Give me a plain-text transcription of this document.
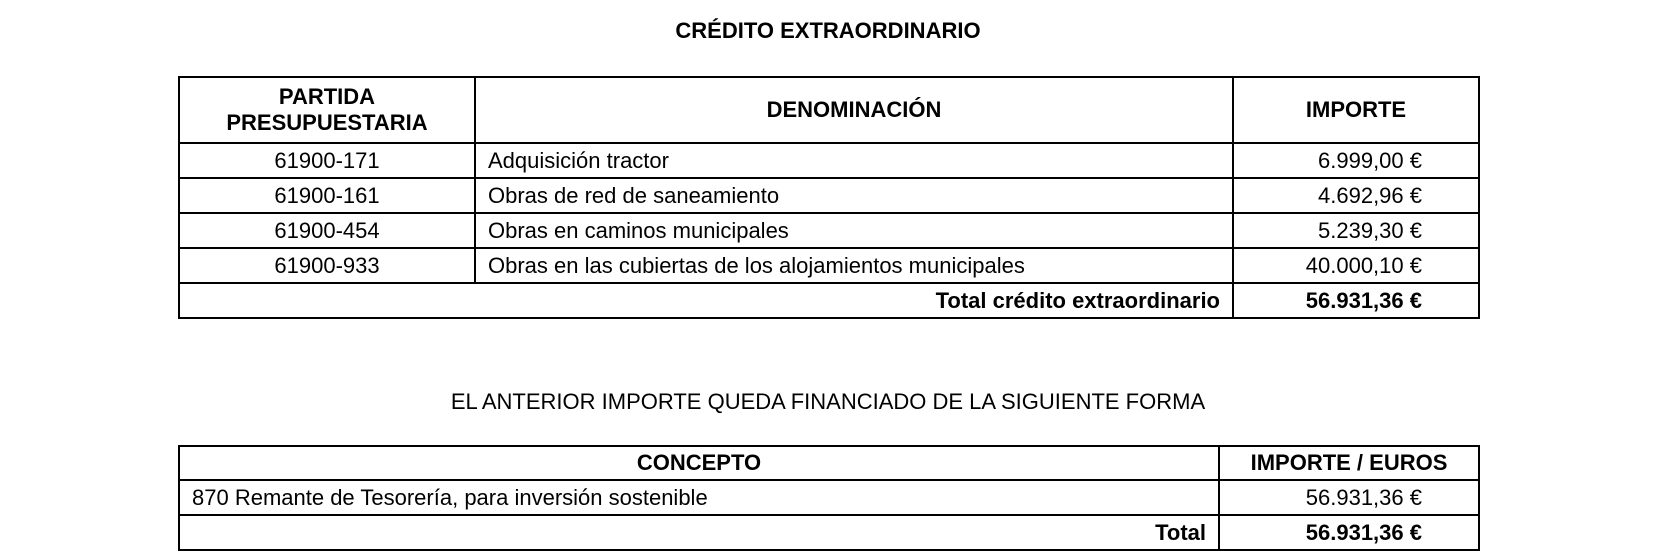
CRÉDITO EXTRAORDINARIO
PARTIDA PRESUPUESTARIA	DENOMINACIÓN	IMPORTE
61900-171	Adquisición tractor	6.999,00 €
61900-161	Obras de red de saneamiento	4.692,96 €
61900-454	Obras en caminos municipales	5.239,30 €
61900-933	Obras en las cubiertas de los alojamientos municipales	40.000,10 €
Total crédito extraordinario		56.931,36 €
EL ANTERIOR IMPORTE QUEDA FINANCIADO DE LA SIGUIENTE FORMA
CONCEPTO	IMPORTE / EUROS
870 Remante de Tesorería, para inversión sostenible	56.931,36 €
Total	56.931,36 €
